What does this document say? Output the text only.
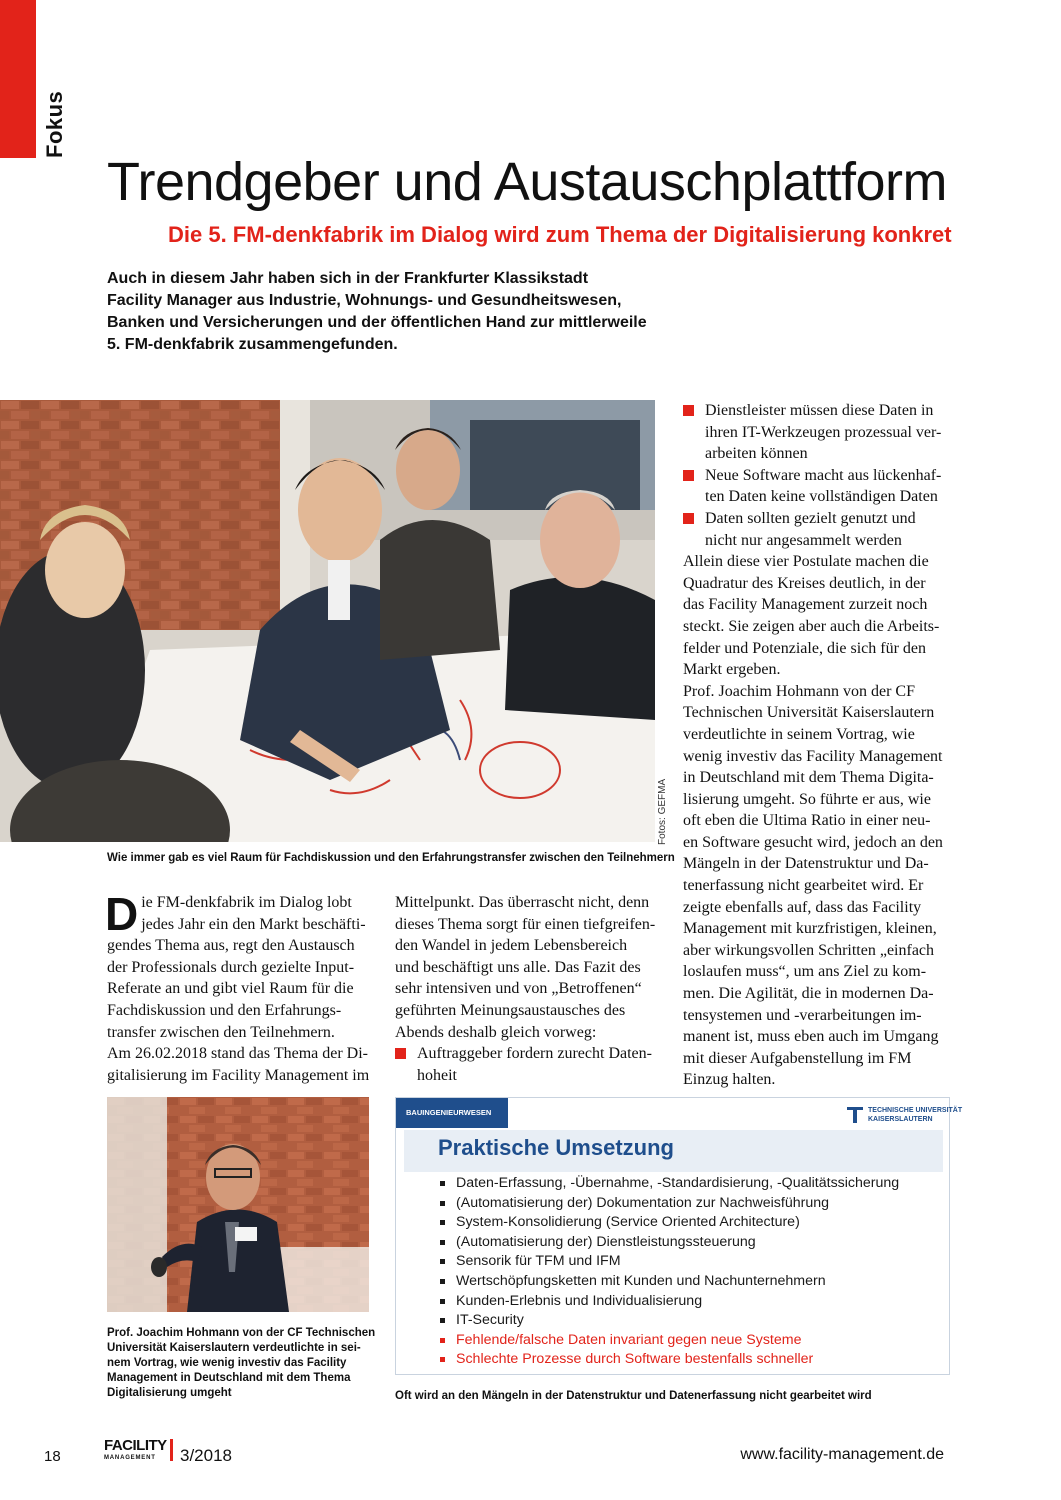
Fokus
Trendgeber und Austauschplattform
Die 5. FM-denkfabrik im Dialog wird zum Thema der Digitalisierung konkret
Auch in diesem Jahr haben sich in der Frankfurter Klassikstadt
Facility Manager aus Industrie, Wohnungs- und Gesundheitswesen,
Banken und Versicherungen und der öffentlichen Hand zur mittlerweile
5. FM-denkfabrik zusammengefunden.
Fotos: GEFMA
Wie immer gab es viel Raum für Fachdiskussion und den Erfahrungstransfer zwischen den Teilnehmern
D ie FM-denkfabrik im Dialog lobt
jedes Jahr ein den Markt beschäfti-
gendes Thema aus, regt den Austausch
der Professionals durch gezielte Input-
Referate an und gibt viel Raum für die
Fachdiskussion und den Erfahrungs-
transfer zwischen den Teilnehmern.
Am 26.02.2018 stand das Thema der Di-
gitalisierung im Facility Management im
Mittelpunkt. Das überrascht nicht, denn
dieses Thema sorgt für einen tiefgreifen-
den Wandel in jedem Lebensbereich
und beschäftigt uns alle. Das Fazit des
sehr intensiven und von „Betroffenen“
geführten Meinungsaustausches des
Abends deshalb gleich vorweg:
Auftraggeber fordern zurecht Daten-
hoheit
Dienstleister müssen diese Daten in
ihren IT-Werkzeugen prozessual ver-
arbeiten können
Neue Software macht aus lückenhaf-
ten Daten keine vollständigen Daten
Daten sollten gezielt genutzt und
nicht nur angesammelt werden
Allein diese vier Postulate machen die
Quadratur des Kreises deutlich, in der
das Facility Management zurzeit noch
steckt. Sie zeigen aber auch die Arbeits-
felder und Potenziale, die sich für den
Markt ergeben.
Prof. Joachim Hohmann von der CF
Technischen Universität Kaiserslautern
verdeutlichte in seinem Vortrag, wie
wenig investiv das Facility Management
in Deutschland mit dem Thema Digita-
lisierung umgeht. So führte er aus, wie
oft eben die Ultima Ratio in einer neu-
en Software gesucht wird, jedoch an den
Mängeln in der Datenstruktur und Da-
tenerfassung nicht gearbeitet wird. Er
zeigte ebenfalls auf, dass das Facility
Management mit kurzfristigen, kleinen,
aber wirkungsvollen Schritten „einfach
loslaufen muss“, um ans Ziel zu kom-
men. Die Agilität, die in modernen Da-
tensystemen und -verarbeitungen im-
manent ist, muss eben auch im Umgang
mit dieser Aufgabenstellung im FM
Einzug halten.
Prof. Joachim Hohmann von der CF Technischen
Universität Kaiserslautern verdeutlichte in sei-
nem Vortrag, wie wenig investiv das Facility
Management in Deutschland mit dem Thema
Digitalisierung umgeht
BAUINGENIEURWESEN	TECHNISCHE UNIVERSITÄT
KAISERSLAUTERN
Praktische Umsetzung
Daten-Erfassung, -Übernahme, -Standardisierung, -Qualitätssicherung
(Automatisierung der) Dokumentation zur Nachweisführung
System-Konsolidierung (Service Oriented Architecture)
(Automatisierung der) Dienstleistungssteuerung
Sensorik für TFM und IFM
Wertschöpfungsketten mit Kunden und Nachunternehmern
Kunden-Erlebnis und Individualisierung
IT-Security
Fehlende/falsche Daten invariant gegen neue Systeme
Schlechte Prozesse durch Software bestenfalls schneller
Oft wird an den Mängeln in der Datenstruktur und Datenerfassung nicht gearbeitet wird
18
FACILITY
MANAGEMENT 3/2018	www.facility-management.de
